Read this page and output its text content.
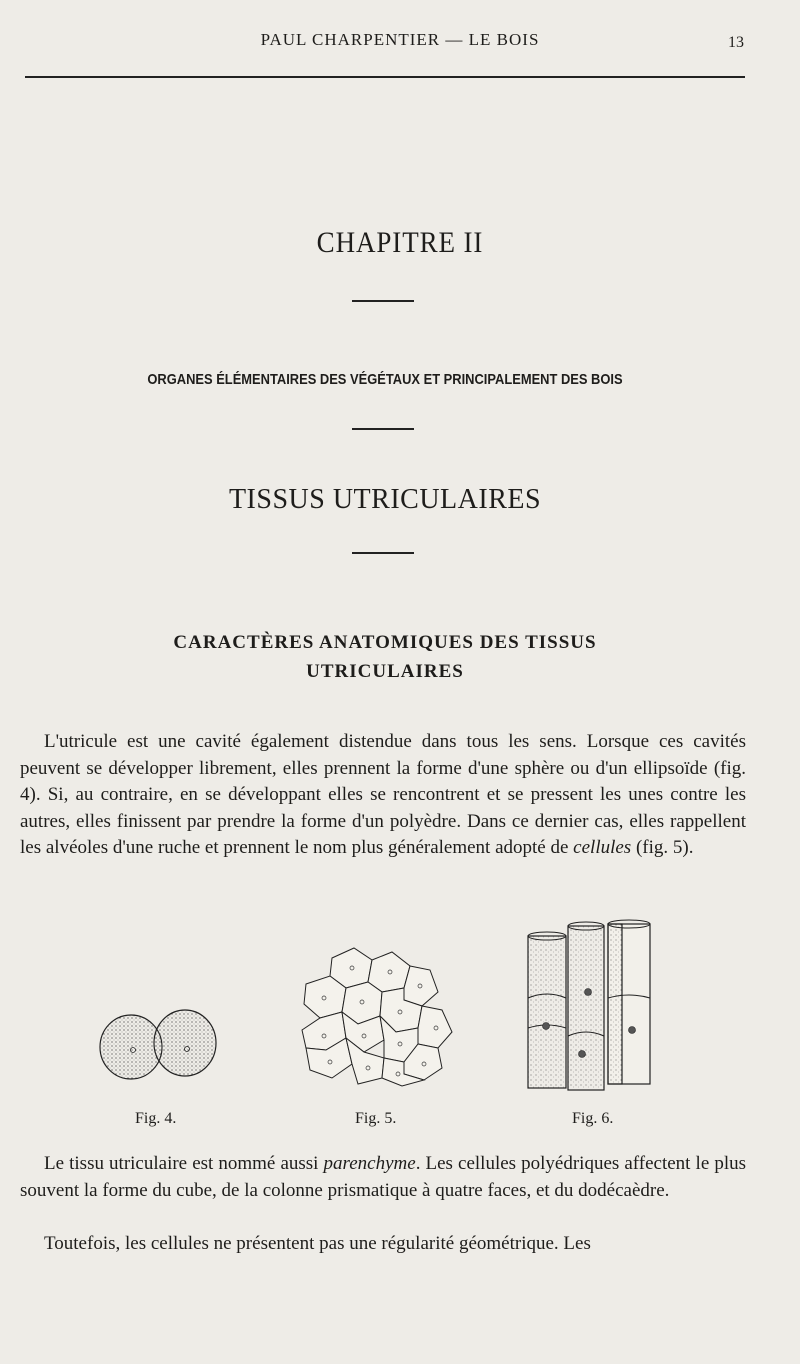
PAUL CHARPENTIER — LE BOIS	13
CHAPITRE II
ORGANES ÉLÉMENTAIRES DES VÉGÉTAUX ET PRINCIPALEMENT DES BOIS
TISSUS UTRICULAIRES
CARACTÈRES ANATOMIQUES DES TISSUS
UTRICULAIRES

L'utricule est une cavité également distendue dans tous les sens. Lorsque ces cavités peuvent se développer librement, elles prennent la forme d'une sphère ou d'un ellipsoïde (fig. 4). Si, au contraire, en se développant elles se rencontrent et se pressent les unes contre les autres, elles finissent par prendre la forme d'un polyèdre. Dans ce dernier cas, elles rappellent les alvéoles d'une ruche et prennent le nom plus généralement adopté de cellules (fig. 5).

Fig. 4.	Fig. 5.	Fig. 6.

Le tissu utriculaire est nommé aussi parenchyme. Les cellules polyédriques affectent le plus souvent la forme du cube, de la colonne prismatique à quatre faces, et du dodécaèdre.

Toutefois, les cellules ne présentent pas une régularité géométrique. Les
